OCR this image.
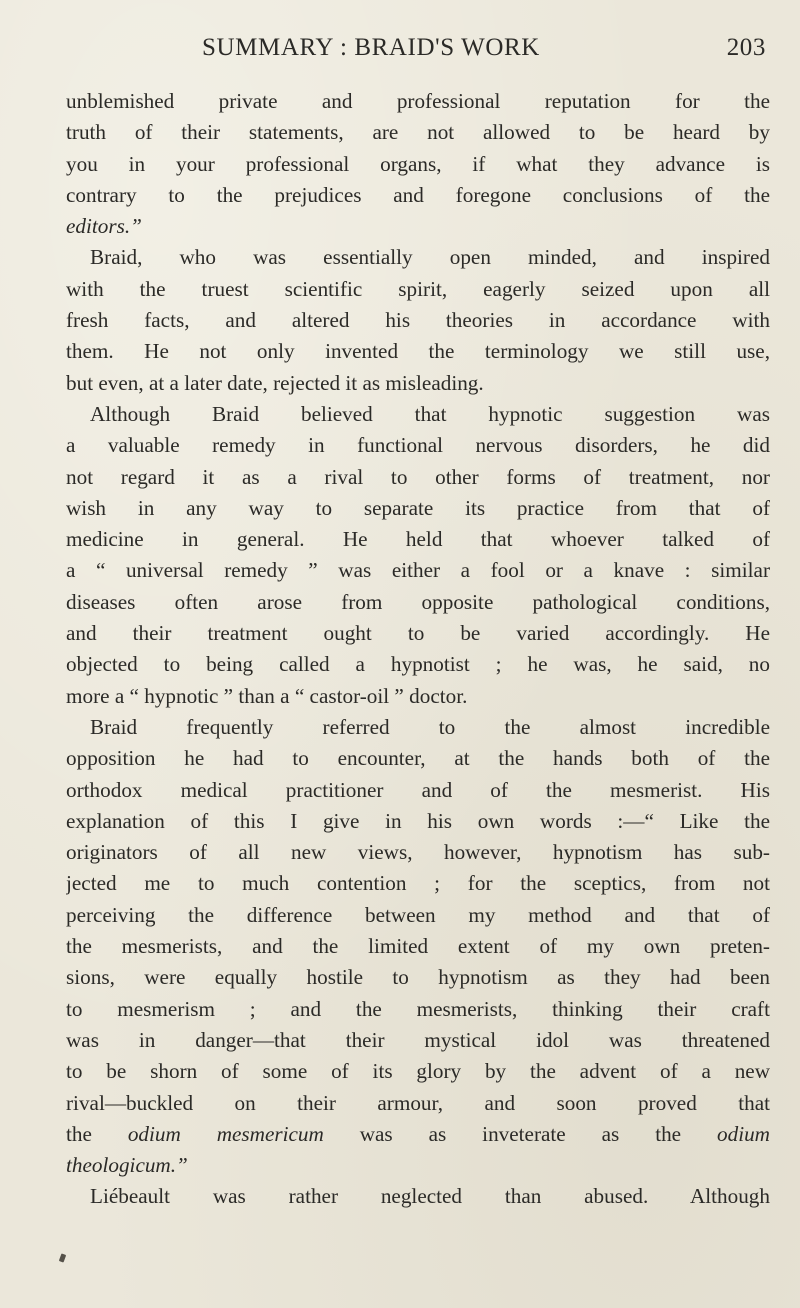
SUMMARY : BRAID'S WORK	203
unblemished private and professional reputation for the
truth of their statements, are not allowed to be heard by
you in your professional organs, if what they advance is
contrary to the prejudices and foregone conclusions of the
editors.”
Braid, who was essentially open minded, and inspired
with the truest scientific spirit, eagerly seized upon all
fresh facts, and altered his theories in accordance with
them. He not only invented the terminology we still use,
but even, at a later date, rejected it as misleading.
Although Braid believed that hypnotic suggestion was
a valuable remedy in functional nervous disorders, he did
not regard it as a rival to other forms of treatment, nor
wish in any way to separate its practice from that of
medicine in general. He held that whoever talked of
a “ universal remedy ” was either a fool or a knave : similar
diseases often arose from opposite pathological conditions,
and their treatment ought to be varied accordingly. He
objected to being called a hypnotist ; he was, he said, no
more a “ hypnotic ” than a “ castor-oil ” doctor.
Braid frequently referred to the almost incredible
opposition he had to encounter, at the hands both of the
orthodox medical practitioner and of the mesmerist. His
explanation of this I give in his own words :—“ Like the
originators of all new views, however, hypnotism has sub-
jected me to much contention ; for the sceptics, from not
perceiving the difference between my method and that of
the mesmerists, and the limited extent of my own preten-
sions, were equally hostile to hypnotism as they had been
to mesmerism ; and the mesmerists, thinking their craft
was in danger—that their mystical idol was threatened
to be shorn of some of its glory by the advent of a new
rival—buckled on their armour, and soon proved that
the odium mesmericum was as inveterate as the odium
theologicum.”
Liébeault was rather neglected than abused. Although
